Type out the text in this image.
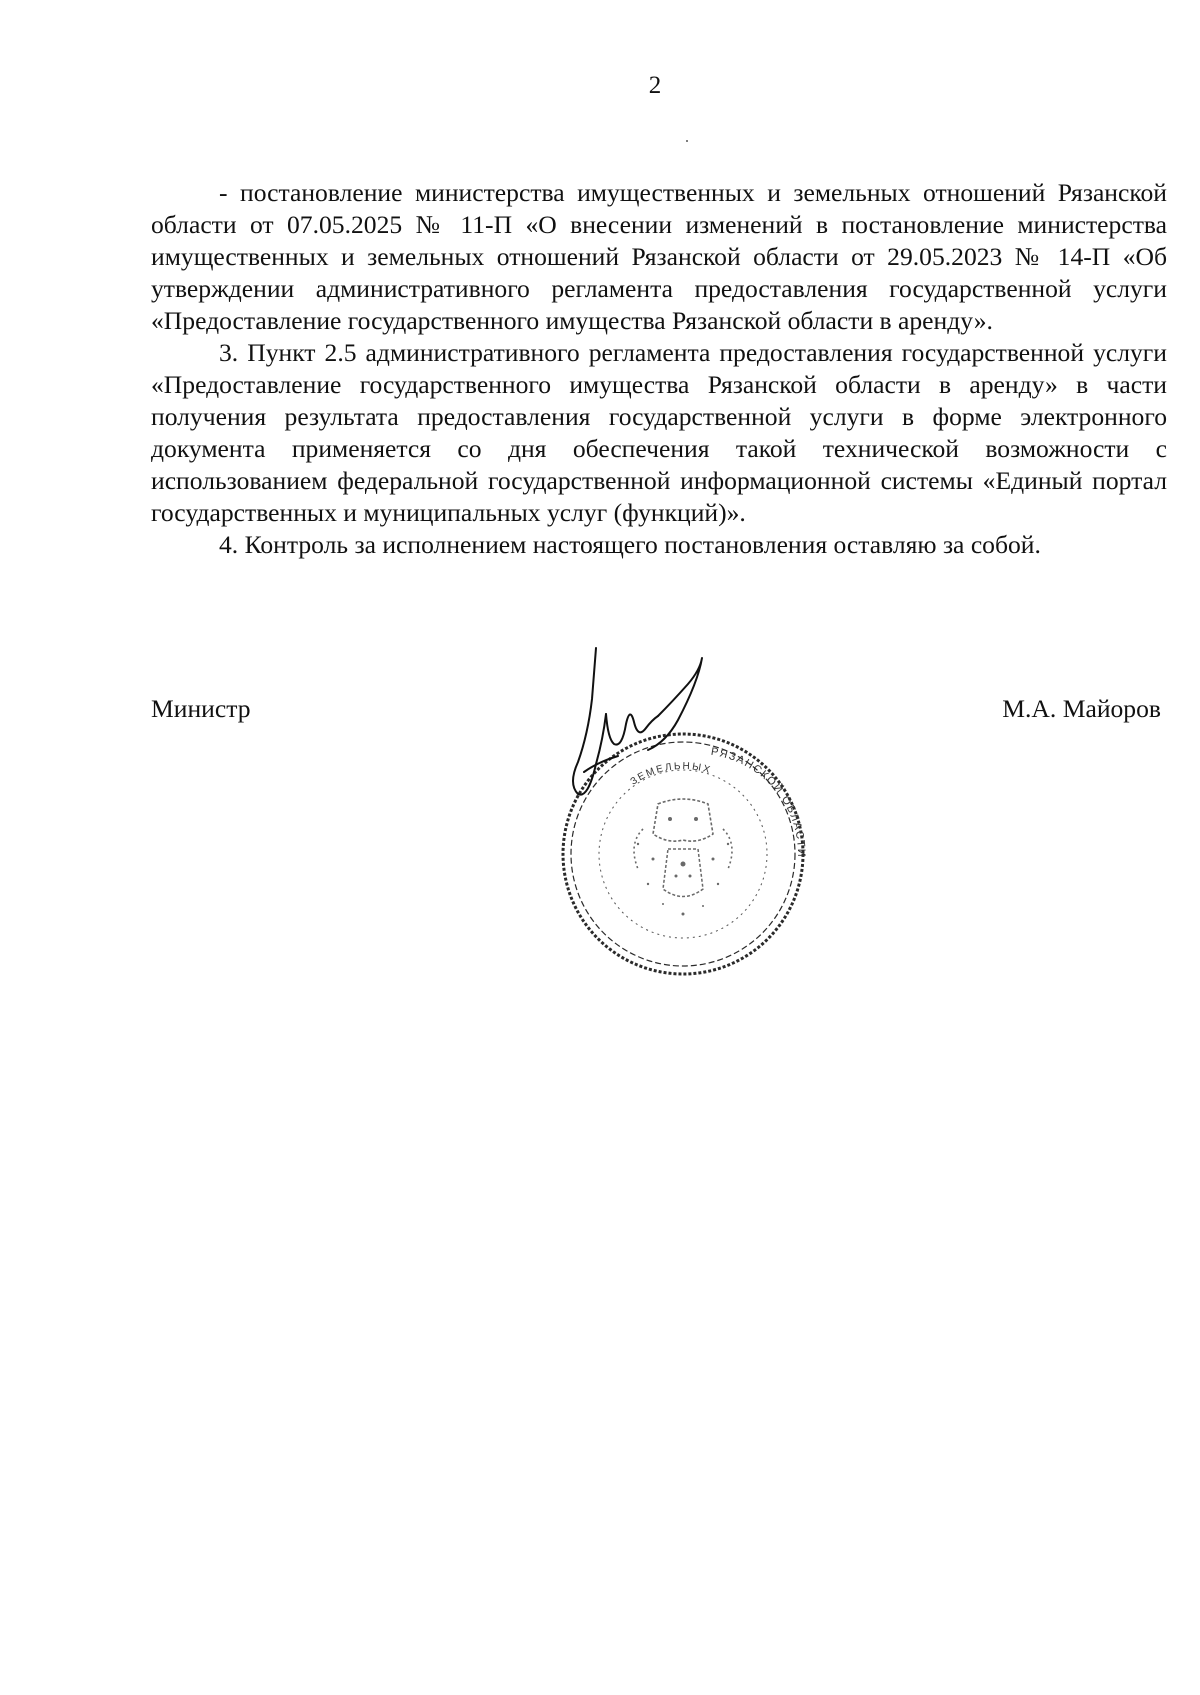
2

- постановление министерства имущественных и земельных отношений Рязанской области от 07.05.2025 № 11-П «О внесении изменений в постановление министерства имущественных и земельных отношений Рязанской области от 29.05.2023 № 14-П «Об утверждении административного регламента предоставления государственной услуги «Предоставление государственного имущества Рязанской области в аренду».

3. Пункт 2.5 административного регламента предоставления государственной услуги «Предоставление государственного имущества Рязанской области в аренду» в части получения результата предоставления государственной услуги в форме электронного документа применяется со дня обеспечения такой технической возможности с использованием федеральной государственной информационной системы «Единый портал государственных и муниципальных услуг (функций)».

4. Контроль за исполнением настоящего постановления оставляю за собой.

Министр	М.А. Майоров
ЗЕМЕЛЬНЫХ
РЯЗАНСКОЙ ОБЛАСТИ
